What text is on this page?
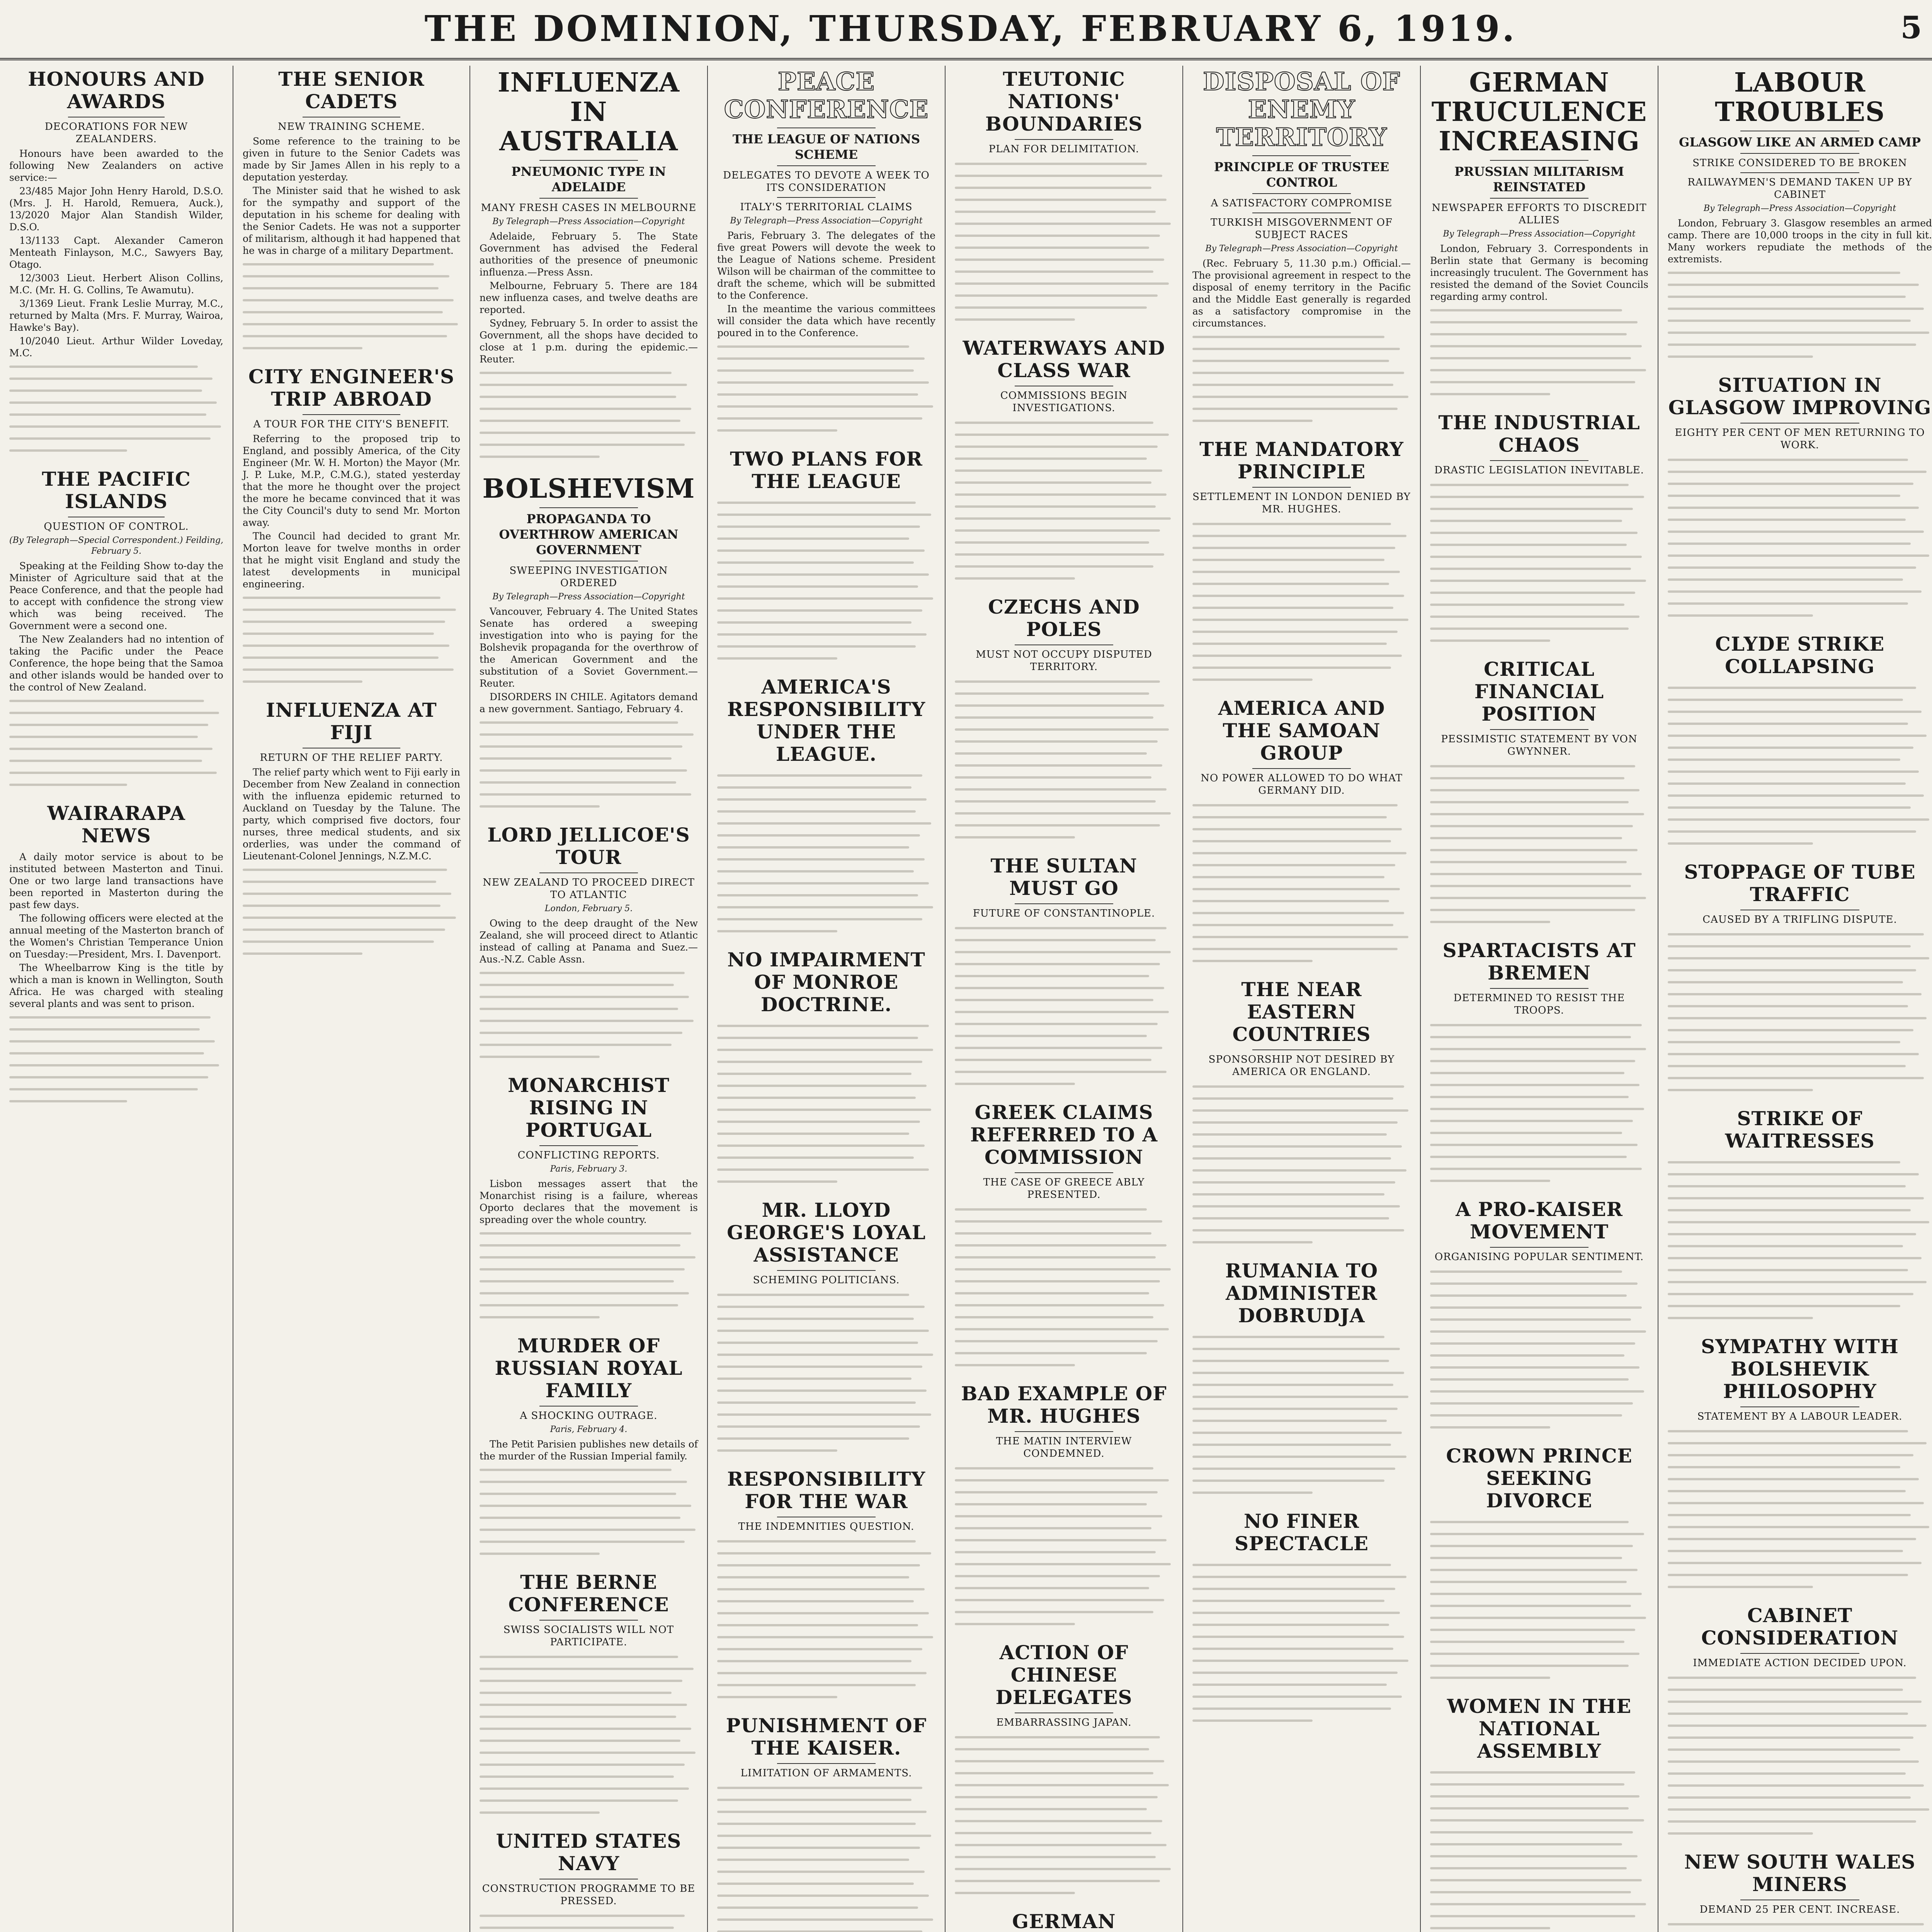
THE DOMINION, THURSDAY, FEBRUARY 6, 1919.	5
HONOURS AND AWARDS
DECORATIONS FOR NEW ZEALANDERS.

Honours have been awarded to the following New Zealanders on active service:—

23/485 Major John Henry Harold, D.S.O. (Mrs. J. H. Harold, Remuera, Auck.), 13/2020 Major Alan Standish Wilder, D.S.O.

13/1133 Capt. Alexander Cameron Menteath Finlayson, M.C., Sawyers Bay, Otago.

12/3003 Lieut. Herbert Alison Collins, M.C. (Mr. H. G. Collins, Te Awamutu).

3/1369 Lieut. Frank Leslie Murray, M.C., returned by Malta (Mrs. F. Murray, Wairoa, Hawke's Bay).

10/2040 Lieut. Arthur Wilder Loveday, M.C.

THE PACIFIC ISLANDS
QUESTION OF CONTROL.
(By Telegraph—Special Correspondent.) Feilding, February 5.

Speaking at the Feilding Show to-day the Minister of Agriculture said that at the Peace Conference, and that the people had to accept with confidence the strong view which was being received. The Government were a second one.

The New Zealanders had no intention of taking the Pacific under the Peace Conference, the hope being that the Samoa and other islands would be handed over to the control of New Zealand.

WAIRARAPA NEWS

A daily motor service is about to be instituted between Masterton and Tinui. One or two large land transactions have been reported in Masterton during the past few days.

The following officers were elected at the annual meeting of the Masterton branch of the Women's Christian Temperance Union on Tuesday:—President, Mrs. I. Davenport.

The Wheelbarrow King is the title by which a man is known in Wellington, South Africa. He was charged with stealing several plants and was sent to prison.

THE SENIOR CADETS
NEW TRAINING SCHEME.

Some reference to the training to be given in future to the Senior Cadets was made by Sir James Allen in his reply to a deputation yesterday.

The Minister said that he wished to ask for the sympathy and support of the deputation in his scheme for dealing with the Senior Cadets. He was not a supporter of militarism, although it had happened that he was in charge of a military Department.

CITY ENGINEER'S TRIP ABROAD
A TOUR FOR THE CITY'S BENEFIT.

Referring to the proposed trip to England, and possibly America, of the City Engineer (Mr. W. H. Morton) the Mayor (Mr. J. P. Luke, M.P., C.M.G.), stated yesterday that the more he thought over the project the more he became convinced that it was the City Council's duty to send Mr. Morton away.

The Council had decided to grant Mr. Morton leave for twelve months in order that he might visit England and study the latest developments in municipal engineering.

INFLUENZA AT FIJI
RETURN OF THE RELIEF PARTY.

The relief party which went to Fiji early in December from New Zealand in connection with the influenza epidemic returned to Auckland on Tuesday by the Talune. The party, which comprised five doctors, four nurses, three medical students, and six orderlies, was under the command of Lieutenant-Colonel Jennings, N.Z.M.C.

INFLUENZA IN AUSTRALIA
PNEUMONIC TYPE IN ADELAIDE
MANY FRESH CASES IN MELBOURNE
By Telegraph—Press Association—Copyright

Adelaide, February 5. The State Government has advised the Federal authorities of the presence of pneumonic influenza.—Press Assn.

Melbourne, February 5. There are 184 new influenza cases, and twelve deaths are reported.

Sydney, February 5. In order to assist the Government, all the shops have decided to close at 1 p.m. during the epidemic.—Reuter.

BOLSHEVISM
PROPAGANDA TO OVERTHROW AMERICAN GOVERNMENT
SWEEPING INVESTIGATION ORDERED
By Telegraph—Press Association—Copyright

Vancouver, February 4. The United States Senate has ordered a sweeping investigation into who is paying for the Bolshevik propaganda for the overthrow of the American Government and the substitution of a Soviet Government.—Reuter.

DISORDERS IN CHILE. Agitators demand a new government. Santiago, February 4.

LORD JELLICOE'S TOUR
NEW ZEALAND TO PROCEED DIRECT TO ATLANTIC
London, February 5.

Owing to the deep draught of the New Zealand, she will proceed direct to Atlantic instead of calling at Panama and Suez.—Aus.-N.Z. Cable Assn.

MONARCHIST RISING IN PORTUGAL
CONFLICTING REPORTS.
Paris, February 3.

Lisbon messages assert that the Monarchist rising is a failure, whereas Oporto declares that the movement is spreading over the whole country.

MURDER OF RUSSIAN ROYAL FAMILY
A SHOCKING OUTRAGE.
Paris, February 4.

The Petit Parisien publishes new details of the murder of the Russian Imperial family.

THE BERNE CONFERENCE
SWISS SOCIALISTS WILL NOT PARTICIPATE.
UNITED STATES NAVY
CONSTRUCTION PROGRAMME TO BE PRESSED.
PEACE CONFERENCE
THE LEAGUE OF NATIONS SCHEME
DELEGATES TO DEVOTE A WEEK TO ITS CONSIDERATION
ITALY'S TERRITORIAL CLAIMS
By Telegraph—Press Association—Copyright

Paris, February 3. The delegates of the five great Powers will devote the week to the League of Nations scheme. President Wilson will be chairman of the committee to draft the scheme, which will be submitted to the Conference.

In the meantime the various committees will consider the data which have recently poured in to the Conference.

TWO PLANS FOR THE LEAGUE
AMERICA'S RESPONSIBILITY UNDER THE LEAGUE.
NO IMPAIRMENT OF MONROE DOCTRINE.
MR. LLOYD GEORGE'S LOYAL ASSISTANCE
SCHEMING POLITICIANS.
RESPONSIBILITY FOR THE WAR
THE INDEMNITIES QUESTION.
PUNISHMENT OF THE KAISER.
LIMITATION OF ARMAMENTS.
TEUTONIC NATIONS' BOUNDARIES
PLAN FOR DELIMITATION.
WATERWAYS AND CLASS WAR
COMMISSIONS BEGIN INVESTIGATIONS.
CZECHS AND POLES
MUST NOT OCCUPY DISPUTED TERRITORY.
THE SULTAN MUST GO
FUTURE OF CONSTANTINOPLE.
GREEK CLAIMS REFERRED TO A COMMISSION
THE CASE OF GREECE ABLY PRESENTED.
BAD EXAMPLE OF MR. HUGHES
THE MATIN INTERVIEW CONDEMNED.
ACTION OF CHINESE DELEGATES
EMBARRASSING JAPAN.
GERMAN
DISPOSAL OF ENEMY TERRITORY
PRINCIPLE OF TRUSTEE CONTROL
A SATISFACTORY COMPROMISE
TURKISH MISGOVERNMENT OF SUBJECT RACES
By Telegraph—Press Association—Copyright

(Rec. February 5, 11.30 p.m.) Official.—The provisional agreement in respect to the disposal of enemy territory in the Pacific and the Middle East generally is regarded as a satisfactory compromise in the circumstances.

THE MANDATORY PRINCIPLE
SETTLEMENT IN LONDON DENIED BY MR. HUGHES.
AMERICA AND THE SAMOAN GROUP
NO POWER ALLOWED TO DO WHAT GERMANY DID.
THE NEAR EASTERN COUNTRIES
SPONSORSHIP NOT DESIRED BY AMERICA OR ENGLAND.
RUMANIA TO ADMINISTER DOBRUDJA
NO FINER SPECTACLE
GERMAN TRUCULENCE INCREASING
PRUSSIAN MILITARISM REINSTATED
NEWSPAPER EFFORTS TO DISCREDIT ALLIES
By Telegraph—Press Association—Copyright

London, February 3. Correspondents in Berlin state that Germany is becoming increasingly truculent. The Government has resisted the demand of the Soviet Councils regarding army control.

THE INDUSTRIAL CHAOS
DRASTIC LEGISLATION INEVITABLE.
CRITICAL FINANCIAL POSITION
PESSIMISTIC STATEMENT BY VON GWYNNER.
SPARTACISTS AT BREMEN
DETERMINED TO RESIST THE TROOPS.
A PRO-KAISER MOVEMENT
ORGANISING POPULAR SENTIMENT.
CROWN PRINCE SEEKING DIVORCE
WOMEN IN THE NATIONAL ASSEMBLY
LABOUR TROUBLES
GLASGOW LIKE AN ARMED CAMP
STRIKE CONSIDERED TO BE BROKEN
RAILWAYMEN'S DEMAND TAKEN UP BY CABINET
By Telegraph—Press Association—Copyright

London, February 3. Glasgow resembles an armed camp. There are 10,000 troops in the city in full kit. Many workers repudiate the methods of the extremists.

SITUATION IN GLASGOW IMPROVING
EIGHTY PER CENT OF MEN RETURNING TO WORK.
CLYDE STRIKE COLLAPSING
STOPPAGE OF TUBE TRAFFIC
CAUSED BY A TRIFLING DISPUTE.
STRIKE OF WAITRESSES
SYMPATHY WITH BOLSHEVIK PHILOSOPHY
STATEMENT BY A LABOUR LEADER.
CABINET CONSIDERATION
IMMEDIATE ACTION DECIDED UPON.
NEW SOUTH WALES MINERS
DEMAND 25 PER CENT. INCREASE.
